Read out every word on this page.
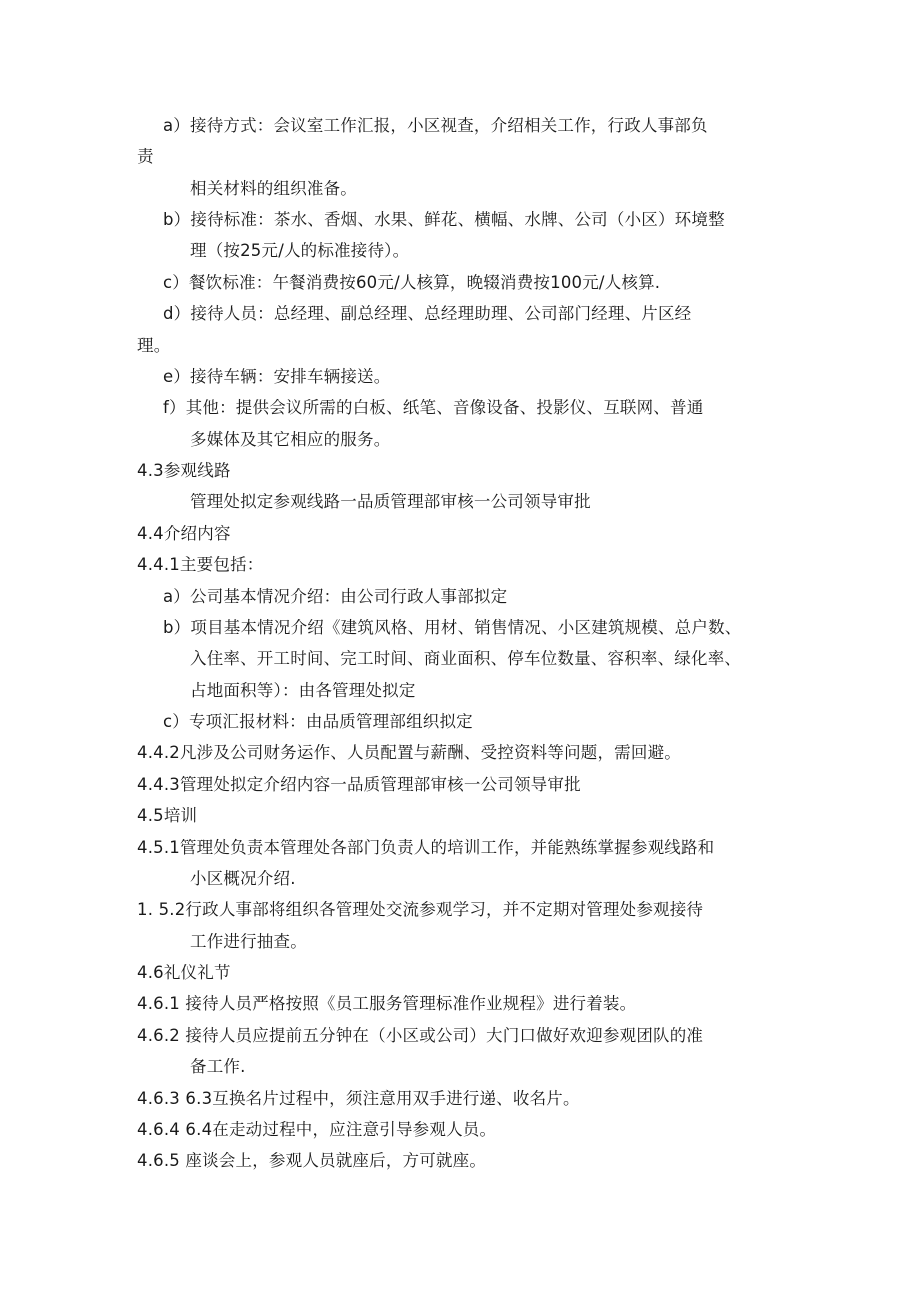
a）接待方式：会议室工作汇报，小区视查，介绍相关工作，行政人事部负
责
相关材料的组织准备。
b）接待标准：茶水、香烟、水果、鲜花、横幅、水牌、公司（小区）环境整
理（按25元/人的标准接待）。
c）餐饮标准：午餐消费按60元/人核算，晚辍消费按100元/人核算.
d）接待人员：总经理、副总经理、总经理助理、公司部门经理、片区经
理。
e）接待车辆：安排车辆接送。
f）其他：提供会议所需的白板、纸笔、音像设备、投影仪、互联网、普通
多媒体及其它相应的服务。
4.3参观线路
管理处拟定参观线路一品质管理部审核一公司领导审批
4.4介绍内容
4.4.1主要包括：
a）公司基本情况介绍：由公司行政人事部拟定
b）项目基本情况介绍《建筑风格、用材、销售情况、小区建筑规模、总户数、
入住率、开工时间、完工时间、商业面积、停车位数量、容积率、绿化率、
占地面积等）：由各管理处拟定
c）专项汇报材料：由品质管理部组织拟定
4.4.2凡涉及公司财务运作、人员配置与薪酬、受控资料等问题，需回避。
4.4.3管理处拟定介绍内容一品质管理部审核一公司领导审批
4.5培训
4.5.1管理处负责本管理处各部门负责人的培训工作，并能熟练掌握参观线路和
小区概况介绍.
1. 5.2行政人事部将组织各管理处交流参观学习，并不定期对管理处参观接待
工作进行抽查。
4.6礼仪礼节
4.6.1 接待人员严格按照《员工服务管理标准作业规程》进行着装。
4.6.2 接待人员应提前五分钟在（小区或公司）大门口做好欢迎参观团队的准
备工作.
4.6.3 6.3互换名片过程中，须注意用双手进行递、收名片。
4.6.4 6.4在走动过程中，应注意引导参观人员。
4.6.5 座谈会上，参观人员就座后，方可就座。
